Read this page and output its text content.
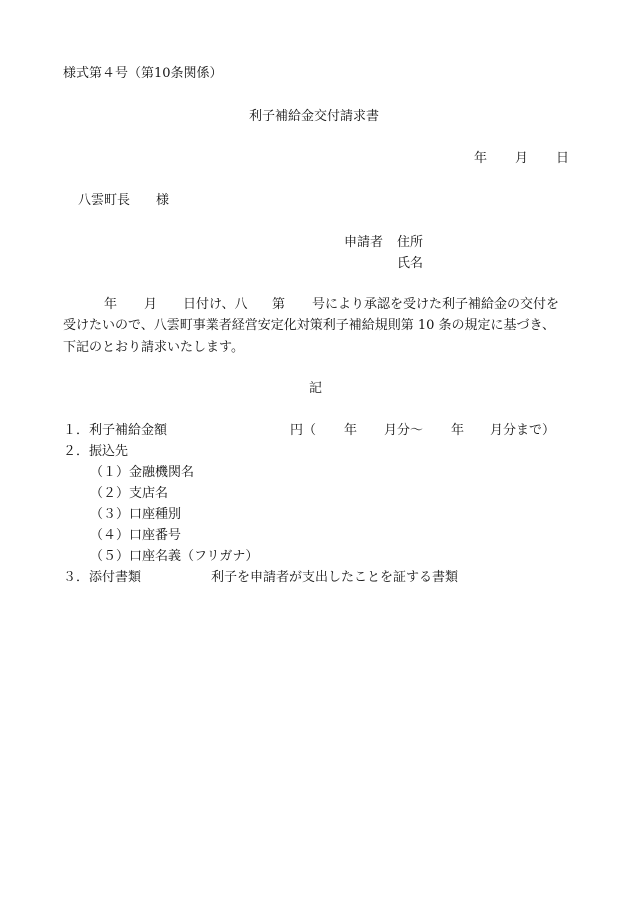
様式第４号（第10条関係）
利子補給金交付請求書
年 月 日
八雲町長 様
申請者 住所
氏名
年 月 日付け、八 第 号により承認を受けた利子補給金の交付を
受けたいので、八雲町事業者経営安定化対策利子補給規則第 10 条の規定に基づき、
下記のとおり請求いたします。
記
１．利子補給金額	円（ 年 月分～ 年 月分まで）
２．振込先
（１）金融機関名
（２）支店名
（３）口座種別
（４）口座番号
（５）口座名義（フリガナ）
３．添付書類	利子を申請者が支出したことを証する書類
